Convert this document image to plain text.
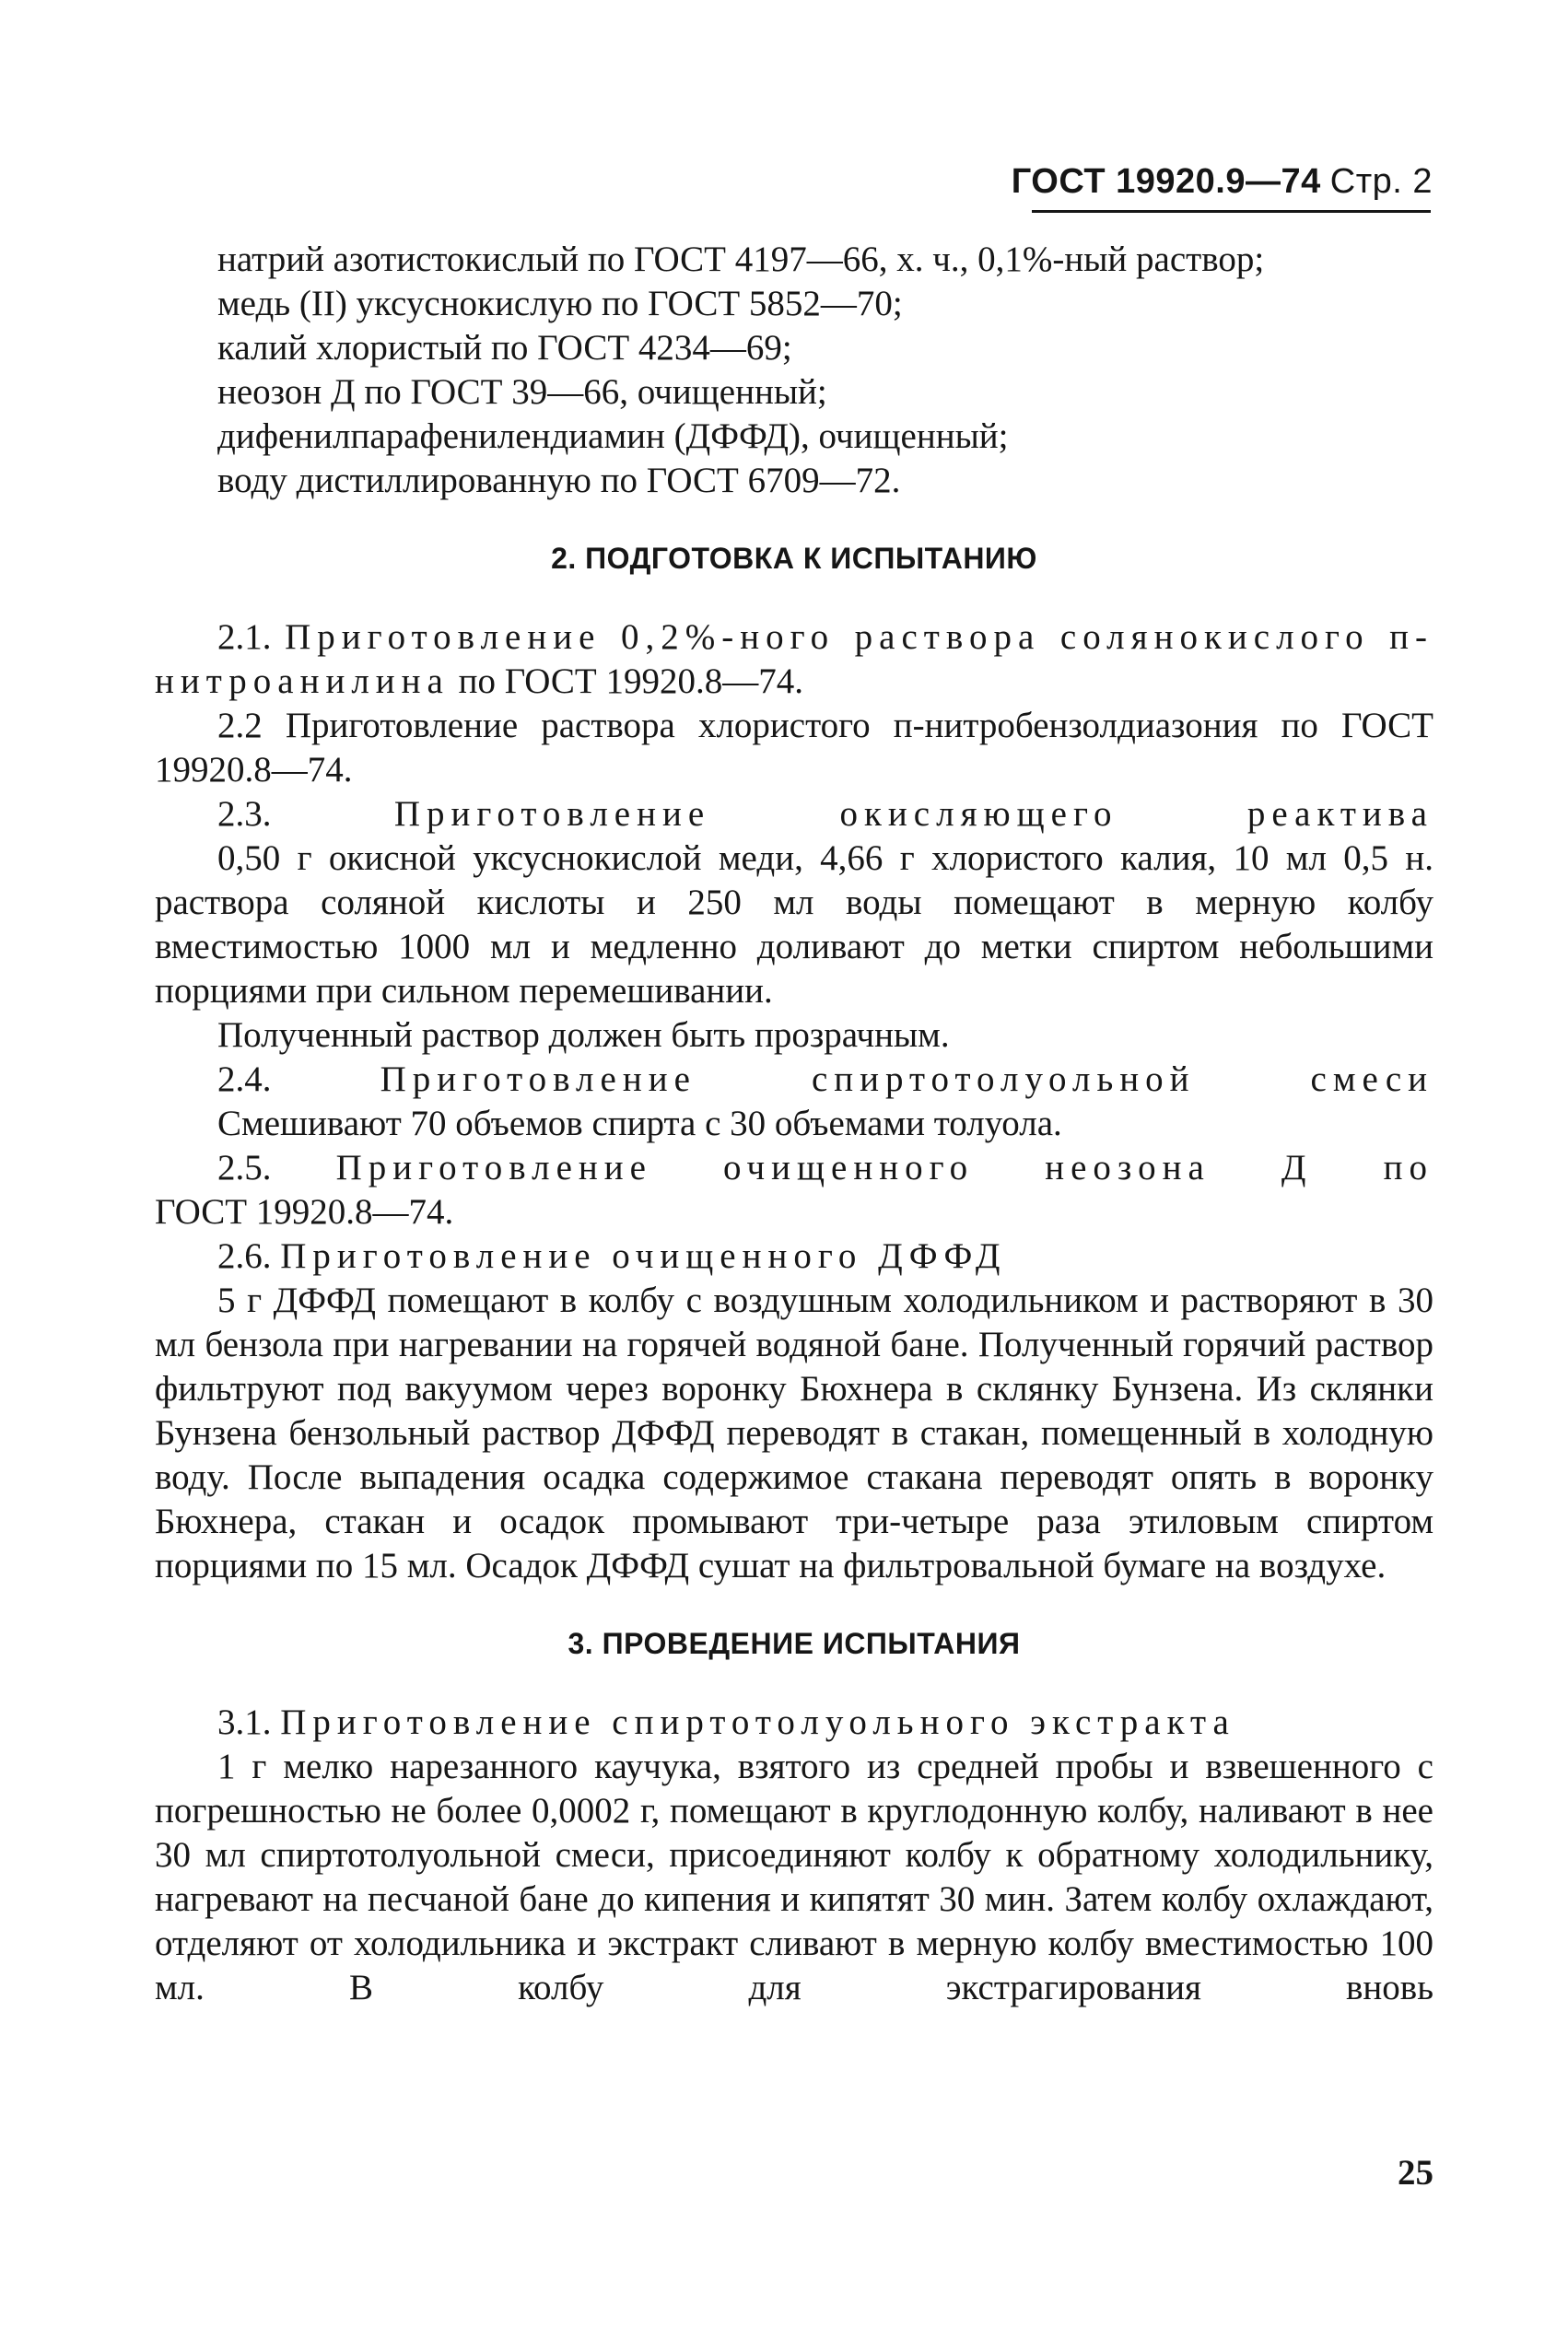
ГОСТ 19920.9—74 Стр. 2

натрий азотистокислый по ГОСТ 4197—66, х. ч., 0,1%-ный раствор;

медь (II) уксуснокислую по ГОСТ 5852—70;

калий хлористый по ГОСТ 4234—69;

неозон Д по ГОСТ 39—66, очищенный;

дифенилпарафенилендиамин (ДФФД), очищенный;

воду дистиллированную по ГОСТ 6709—72.

2. ПОДГОТОВКА К ИСПЫТАНИЮ

2.1. Приготовление 0,2%-ного раствора солянокислого п-нитроанилина по ГОСТ 19920.8—74.

2.2 Приготовление раствора хлористого п-нитробензолдиазония по ГОСТ 19920.8—74.

2.3.	Приготовление окисляющего реактива

0,50 г окисной уксуснокислой меди, 4,66 г хлористого калия, 10 мл 0,5 н. раствора соляной кислоты и 250 мл воды помещают в мерную колбу вместимостью 1000 мл и медленно доливают до метки спиртом небольшими порциями при сильном перемешивании.

Полученный раствор должен быть прозрачным.

2.4.	Приготовление спиртотолуольной смеси

Смешивают 70 объемов спирта с 30 объемами толуола.

2.5. Приготовление очищенного неозона Д по

ГОСТ 19920.8—74.

2.6. Приготовление очищенного ДФФД

5 г ДФФД помещают в колбу с воздушным холодильником и растворяют в 30 мл бензола при нагревании на горячей водяной бане. Полученный горячий раствор фильтруют под вакуумом через воронку Бюхнера в склянку Бунзена. Из склянки Бунзена бензольный раствор ДФФД переводят в стакан, помещенный в холодную воду. После выпадения осадка содержимое стакана переводят опять в воронку Бюхнера, стакан и осадок промывают три-четыре раза этиловым спиртом порциями по 15 мл. Осадок ДФФД сушат на фильтровальной бумаге на воздухе.

3. ПРОВЕДЕНИЕ ИСПЫТАНИЯ

3.1. Приготовление спиртотолуольного экстракта

1 г мелко нарезанного каучука, взятого из средней пробы и взвешенного с погрешностью не более 0,0002 г, помещают в круглодонную колбу, наливают в нее 30 мл спиртотолуольной смеси, присоединяют колбу к обратному холодильнику, нагревают на песчаной бане до кипения и кипятят 30 мин. Затем колбу охлаждают, отделяют от холодильника и экстракт сливают в мерную колбу вместимостью 100 мл. В колбу для экстрагирования вновь

25
